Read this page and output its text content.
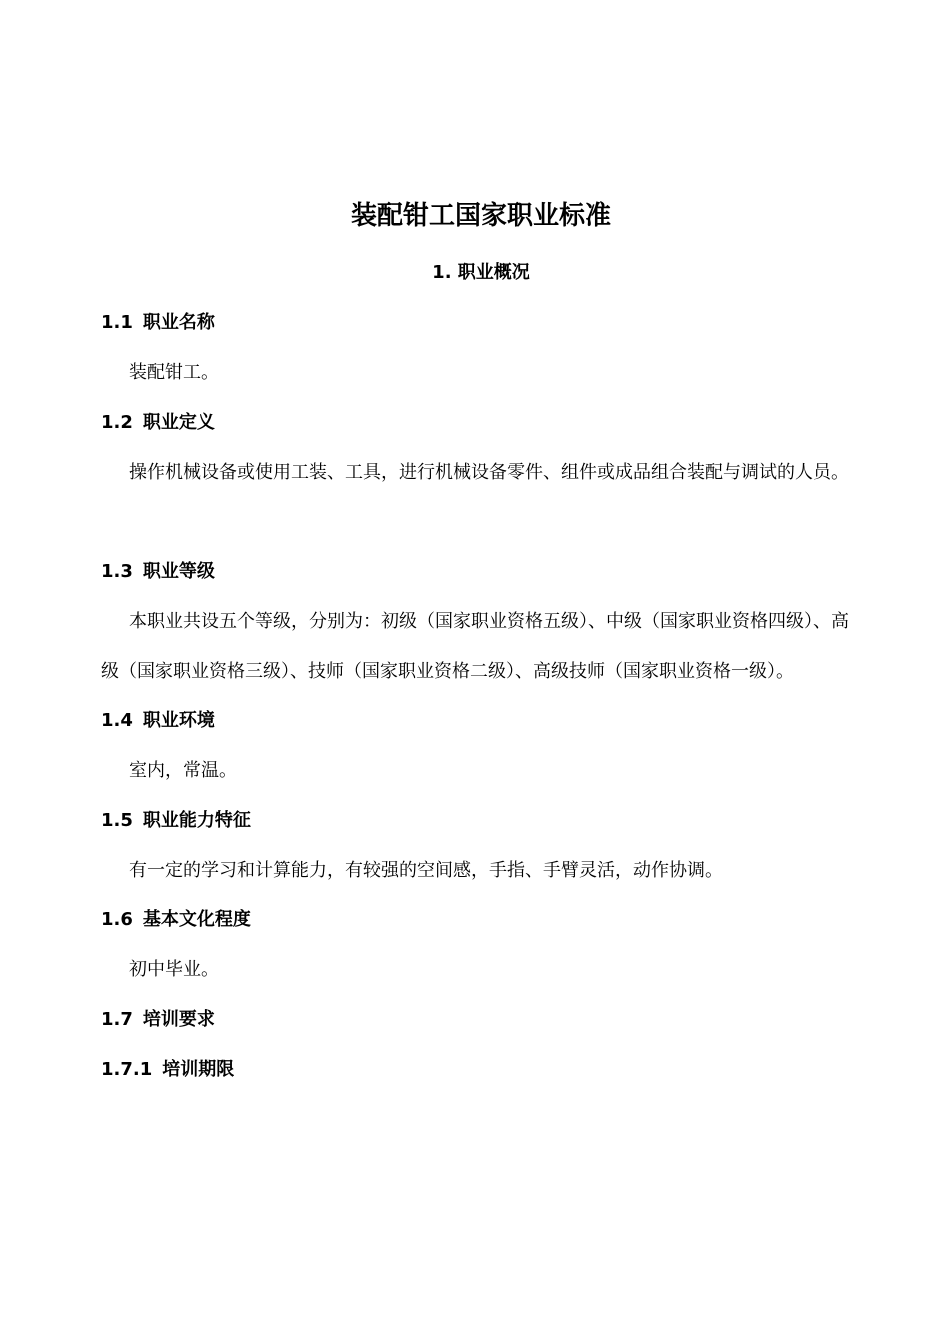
装配钳工国家职业标准
1. 职业概况
1.1 职业名称
装配钳工。
1.2 职业定义
操作机械设备或使用工装、工具，进行机械设备零件、组件或成品组合装配与调试的人员。
1.3 职业等级
本职业共设五个等级，分别为：初级（国家职业资格五级）、中级（国家职业资格四级）、高级（国家职业资格三级）、技师（国家职业资格二级）、高级技师（国家职业资格一级）。
1.4 职业环境
室内，常温。
1.5 职业能力特征
有一定的学习和计算能力，有较强的空间感，手指、手臂灵活，动作协调。
1.6 基本文化程度
初中毕业。
1.7 培训要求
1.7.1 培训期限
